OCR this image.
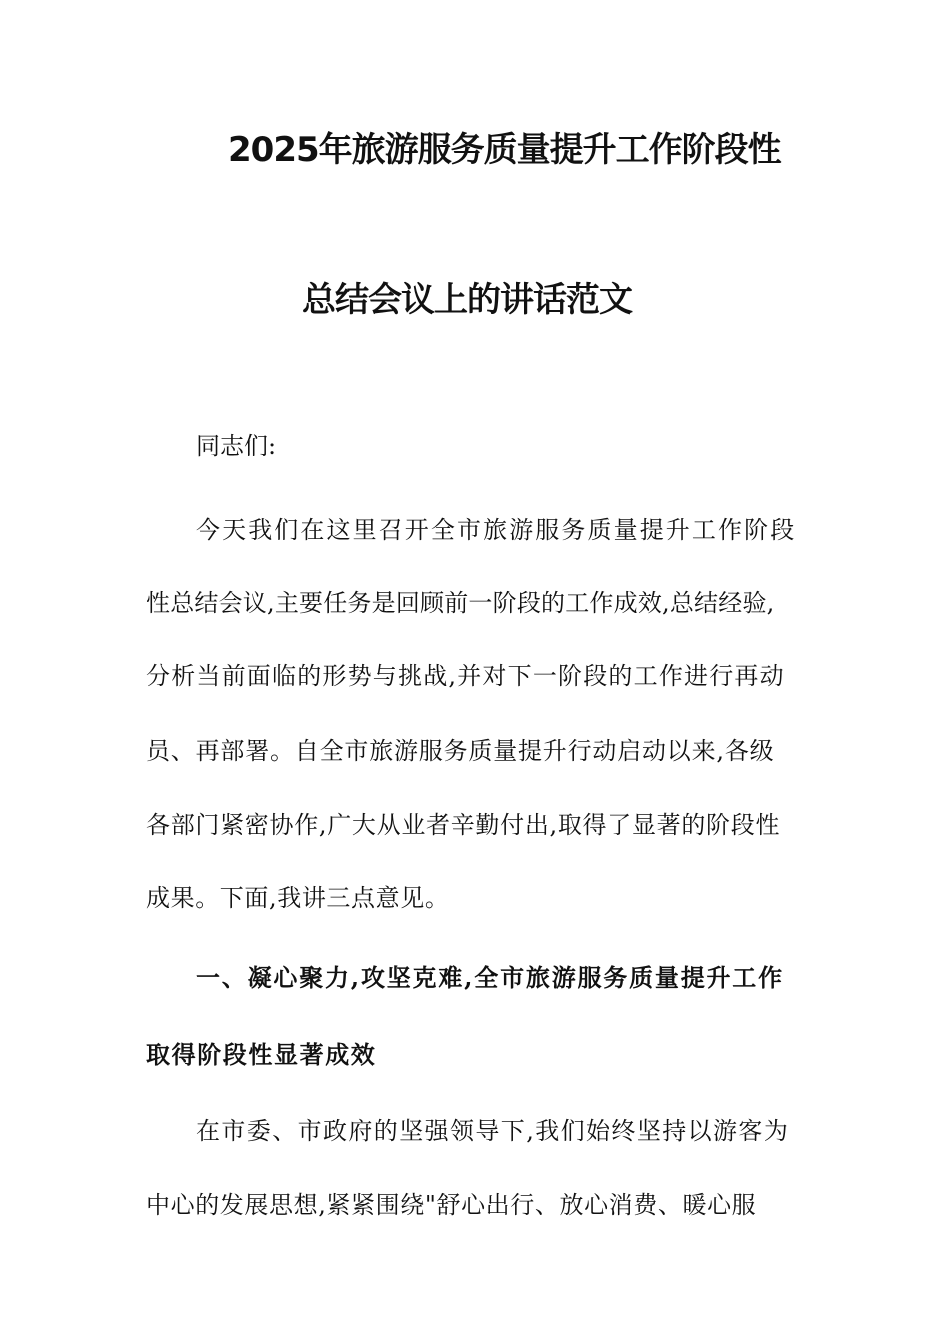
2025年旅游服务质量提升工作阶段性
总结会议上的讲话范文
同志们:
今天我们在这里召开全市旅游服务质量提升工作阶段
性总结会议,主要任务是回顾前一阶段的工作成效,总结经验,
分析当前面临的形势与挑战,并对下一阶段的工作进行再动
员、再部署。自全市旅游服务质量提升行动启动以来,各级
各部门紧密协作,广大从业者辛勤付出,取得了显著的阶段性
成果。下面,我讲三点意见。
一、凝心聚力,攻坚克难,全市旅游服务质量提升工作
取得阶段性显著成效
在市委、市政府的坚强领导下,我们始终坚持以游客为
中心的发展思想,紧紧围绕"舒心出行、放心消费、暖心服
